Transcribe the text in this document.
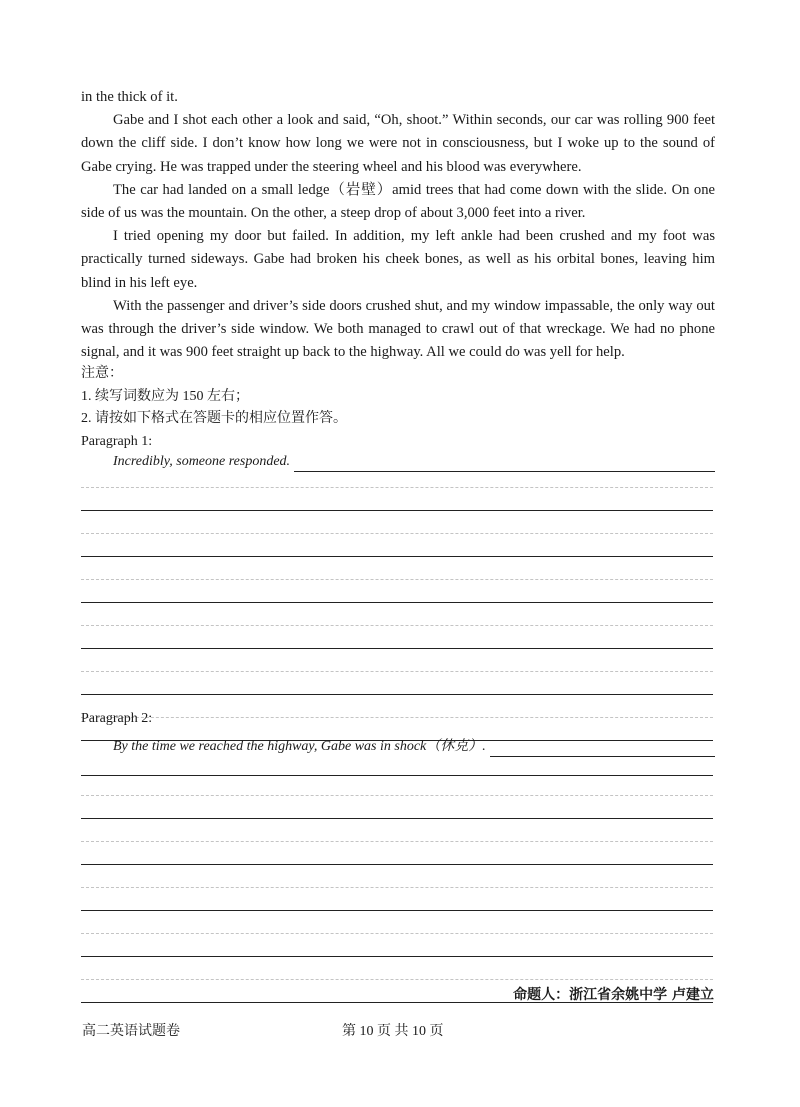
in the thick of it.

Gabe and I shot each other a look and said, “Oh, shoot.” Within seconds, our car was rolling 900 feet down the cliff side. I don’t know how long we were not in consciousness, but I woke up to the sound of Gabe crying. He was trapped under the steering wheel and his blood was everywhere.

The car had landed on a small ledge（岩壁）amid trees that had come down with the slide. On one side of us was the mountain. On the other, a steep drop of about 3,000 feet into a river.

I tried opening my door but failed. In addition, my left ankle had been crushed and my foot was practically turned sideways. Gabe had broken his cheek bones, as well as his orbital bones, leaving him blind in his left eye.

With the passenger and driver’s side doors crushed shut, and my window impassable, the only way out was through the driver’s side window. We both managed to crawl out of that wreckage. We had no phone signal, and it was 900 feet straight up back to the highway. All we could do was yell for help.

注意：
1. 续写词数应为 150 左右；
2. 请按如下格式在答题卡的相应位置作答。
Paragraph 1:
Incredibly, someone responded.
Paragraph 2:
By the time we reached the highway, Gabe was in shock（休克）.
命题人：浙江省余姚中学 卢建立
高二英语试题卷	第 10 页 共 10 页
